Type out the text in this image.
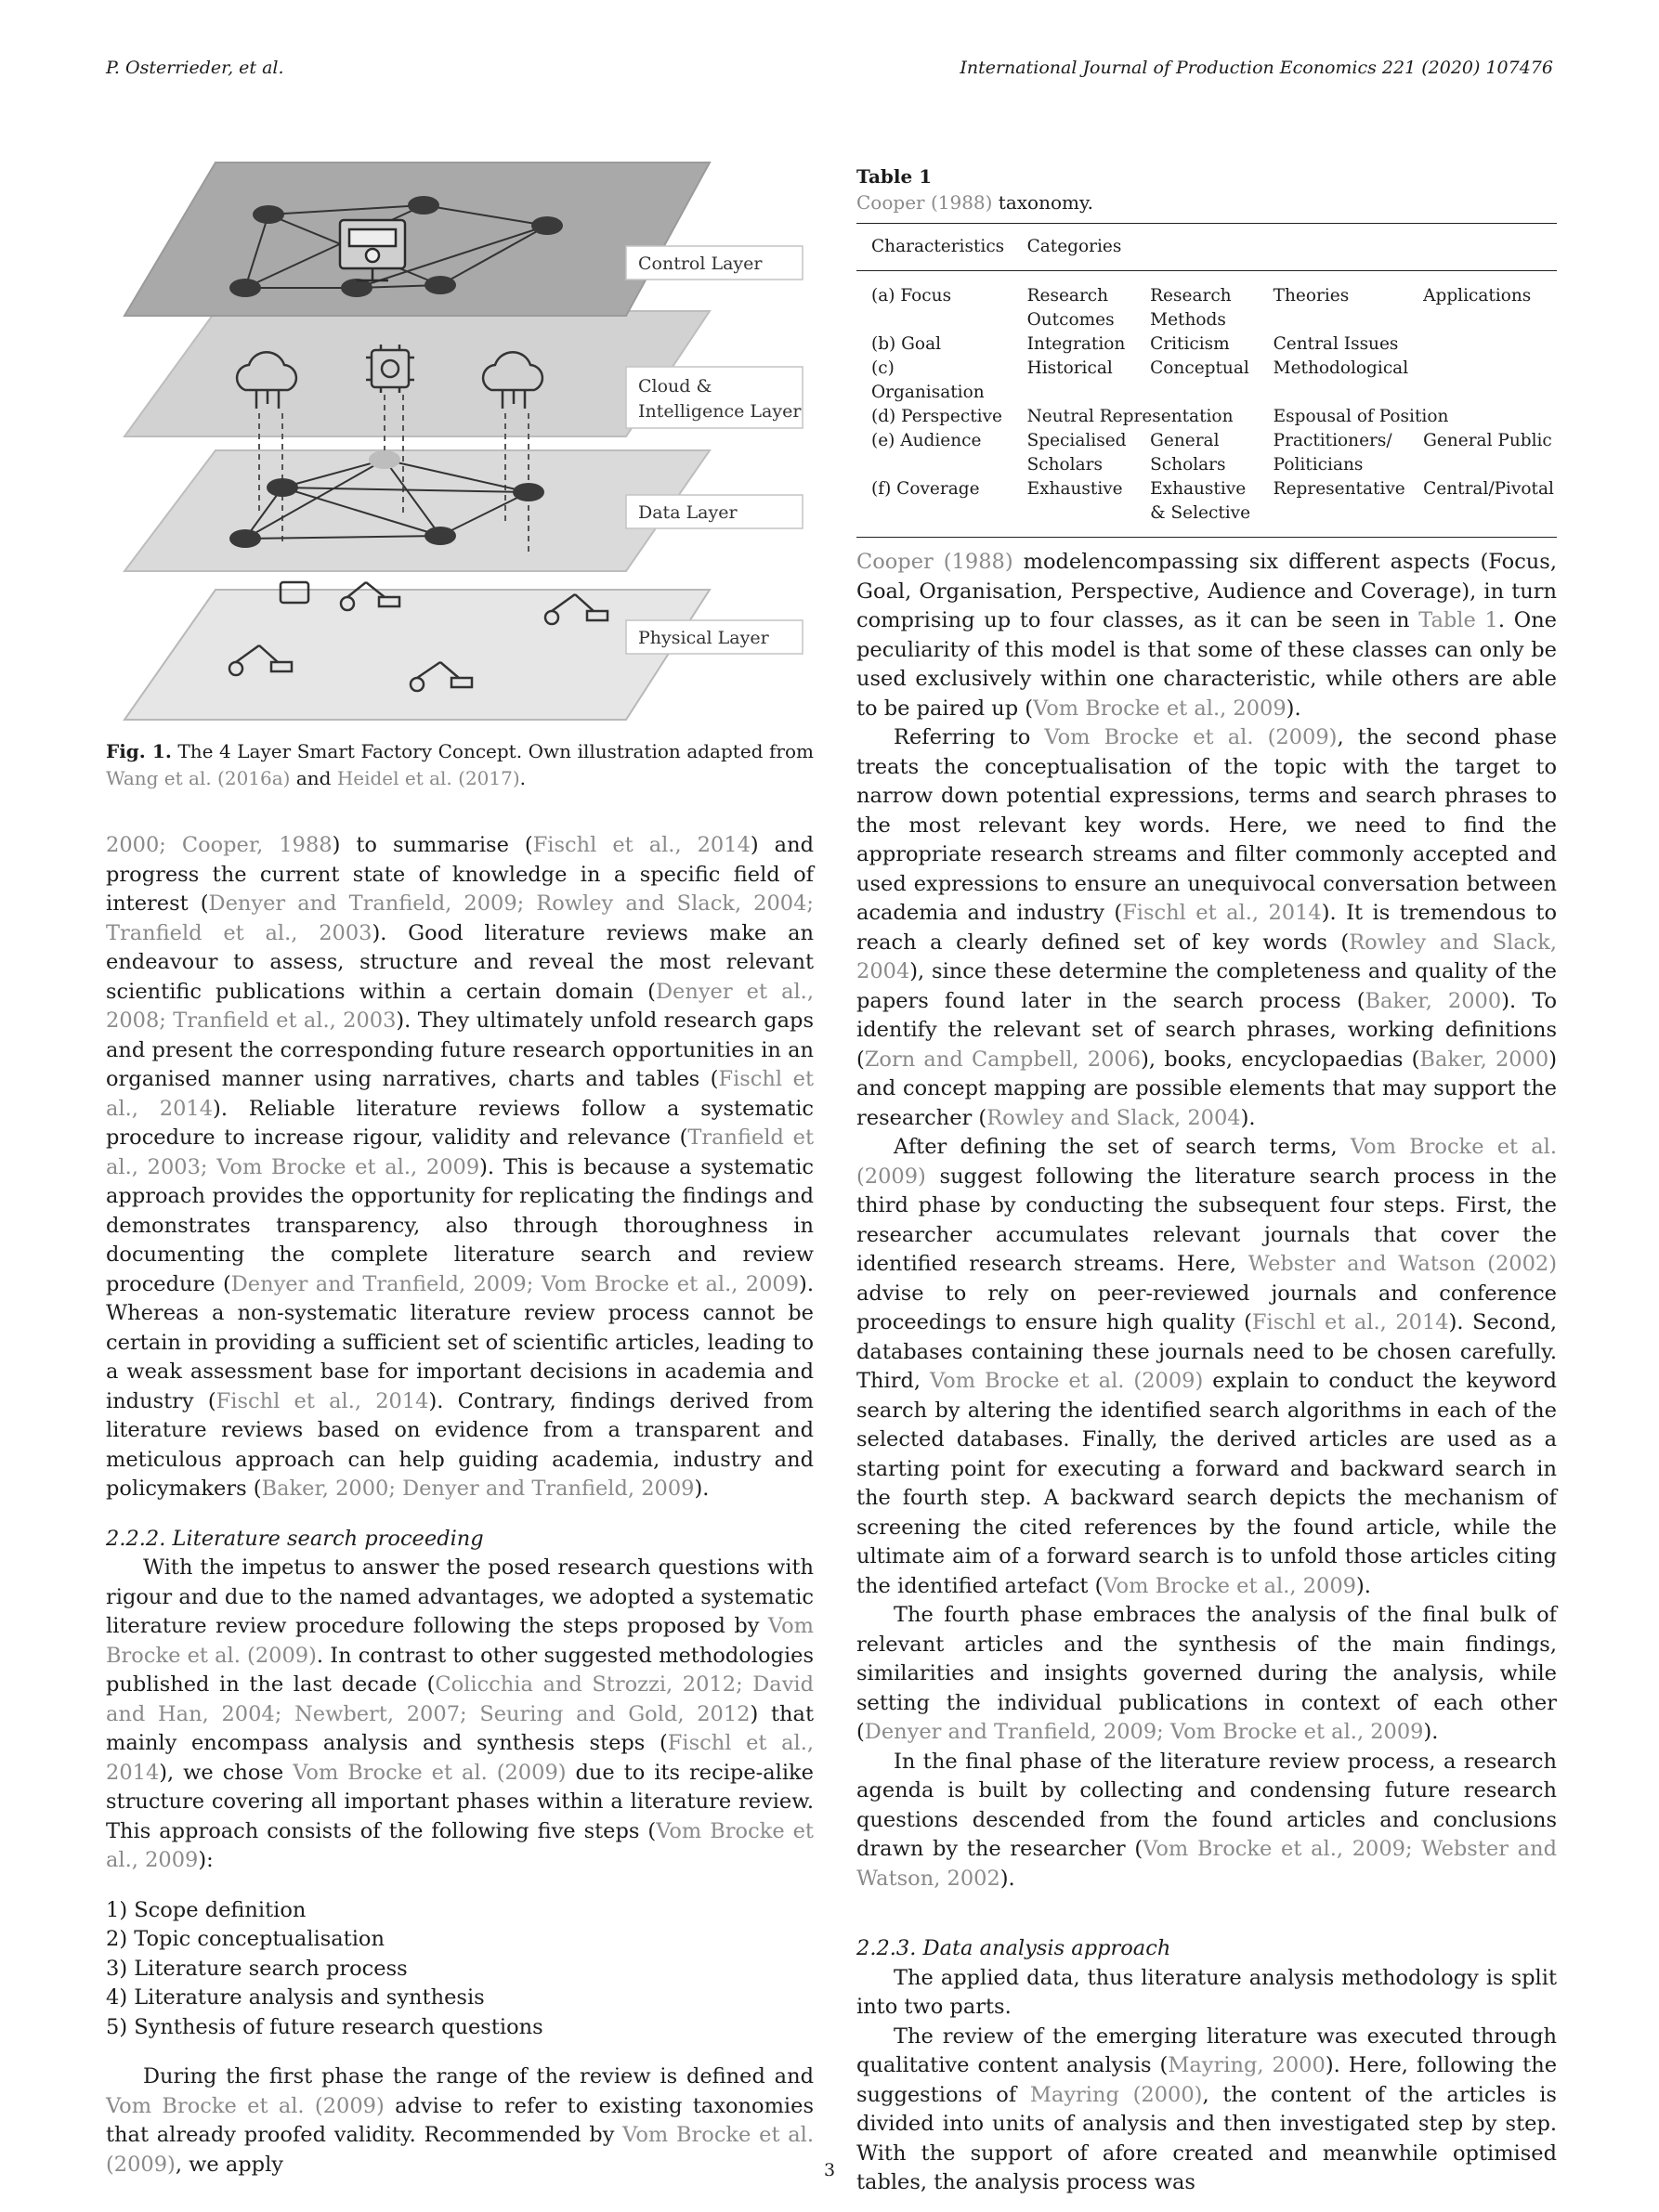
P. Osterrieder, et al.	International Journal of Production Economics 221 (2020) 107476
Control Layer
Cloud &
Intelligence Layer
Data Layer
Physical Layer
Fig. 1. The 4 Layer Smart Factory Concept. Own illustration adapted from Wang et al. (2016a) and Heidel et al. (2017).

2000; Cooper, 1988) to summarise (Fischl et al., 2014) and progress the current state of knowledge in a specific field of interest (Denyer and Tranfield, 2009; Rowley and Slack, 2004; Tranfield et al., 2003). Good literature reviews make an endeavour to assess, structure and reveal the most relevant scientific publications within a certain domain (Denyer et al., 2008; Tranfield et al., 2003). They ultimately unfold research gaps and present the corresponding future research opportunities in an organised manner using narratives, charts and tables (Fischl et al., 2014). Reliable literature reviews follow a systematic procedure to increase rigour, validity and relevance (Tranfield et al., 2003; Vom Brocke et al., 2009). This is because a systematic approach provides the opportunity for replicating the findings and demonstrates transparency, also through thoroughness in documenting the complete literature search and review procedure (Denyer and Tranfield, 2009; Vom Brocke et al., 2009). Whereas a non-systematic literature review process cannot be certain in providing a sufficient set of scientific articles, leading to a weak assessment base for important decisions in academia and industry (Fischl et al., 2014). Contrary, findings derived from literature reviews based on evidence from a transparent and meticulous approach can help guiding academia, industry and policymakers (Baker, 2000; Denyer and Tranfield, 2009).

2.2.2. Literature search proceeding

With the impetus to answer the posed research questions with rigour and due to the named advantages, we adopted a systematic literature review procedure following the steps proposed by Vom Brocke et al. (2009). In contrast to other suggested methodologies published in the last decade (Colicchia and Strozzi, 2012; David and Han, 2004; Newbert, 2007; Seuring and Gold, 2012) that mainly encompass analysis and synthesis steps (Fischl et al., 2014), we chose Vom Brocke et al. (2009) due to its recipe-alike structure covering all important phases within a literature review. This approach consists of the following five steps (Vom Brocke et al., 2009):

1) Scope definition
2) Topic conceptualisation
3) Literature search process
4) Literature analysis and synthesis
5) Synthesis of future research questions

During the first phase the range of the review is defined and Vom Brocke et al. (2009) advise to refer to existing taxonomies that already proofed validity. Recommended by Vom Brocke et al. (2009), we apply

Table 1
Cooper (1988) taxonomy.
Characteristics	Categories			
(a) Focus	Research Outcomes	Research Methods	Theories	Applications
(b) Goal	Integration	Criticism	Central Issues	
(c) Organisation	Historical	Conceptual	Methodological	
(d) Perspective	Neutral Representation		Espousal of Position	
(e) Audience	Specialised Scholars	General Scholars	Practitioners/ Politicians	General Public
(f) Coverage	Exhaustive	Exhaustive & Selective	Representative	Central/Pivotal

Cooper (1988) modelencompassing six different aspects (Focus, Goal, Organisation, Perspective, Audience and Coverage), in turn comprising up to four classes, as it can be seen in Table 1. One peculiarity of this model is that some of these classes can only be used exclusively within one characteristic, while others are able to be paired up (Vom Brocke et al., 2009).

Referring to Vom Brocke et al. (2009), the second phase treats the conceptualisation of the topic with the target to narrow down potential expressions, terms and search phrases to the most relevant key words. Here, we need to find the appropriate research streams and filter commonly accepted and used expressions to ensure an unequivocal conversation between academia and industry (Fischl et al., 2014). It is tremendous to reach a clearly defined set of key words (Rowley and Slack, 2004), since these determine the completeness and quality of the papers found later in the search process (Baker, 2000). To identify the relevant set of search phrases, working definitions (Zorn and Campbell, 2006), books, encyclopaedias (Baker, 2000) and concept mapping are possible elements that may support the researcher (Rowley and Slack, 2004).

After defining the set of search terms, Vom Brocke et al. (2009) suggest following the literature search process in the third phase by conducting the subsequent four steps. First, the researcher accumulates relevant journals that cover the identified research streams. Here, Webster and Watson (2002) advise to rely on peer-reviewed journals and conference proceedings to ensure high quality (Fischl et al., 2014). Second, databases containing these journals need to be chosen carefully. Third, Vom Brocke et al. (2009) explain to conduct the keyword search by altering the identified search algorithms in each of the selected databases. Finally, the derived articles are used as a starting point for executing a forward and backward search in the fourth step. A backward search depicts the mechanism of screening the cited references by the found article, while the ultimate aim of a forward search is to unfold those articles citing the identified artefact (Vom Brocke et al., 2009).

The fourth phase embraces the analysis of the final bulk of relevant articles and the synthesis of the main findings, similarities and insights governed during the analysis, while setting the individual publications in context of each other (Denyer and Tranfield, 2009; Vom Brocke et al., 2009).

In the final phase of the literature review process, a research agenda is built by collecting and condensing future research questions descended from the found articles and conclusions drawn by the researcher (Vom Brocke et al., 2009; Webster and Watson, 2002).

2.2.3. Data analysis approach

The applied data, thus literature analysis methodology is split into two parts.

The review of the emerging literature was executed through qualitative content analysis (Mayring, 2000). Here, following the suggestions of Mayring (2000), the content of the articles is divided into units of analysis and then investigated step by step. With the support of afore created and meanwhile optimised tables, the analysis process was

3
